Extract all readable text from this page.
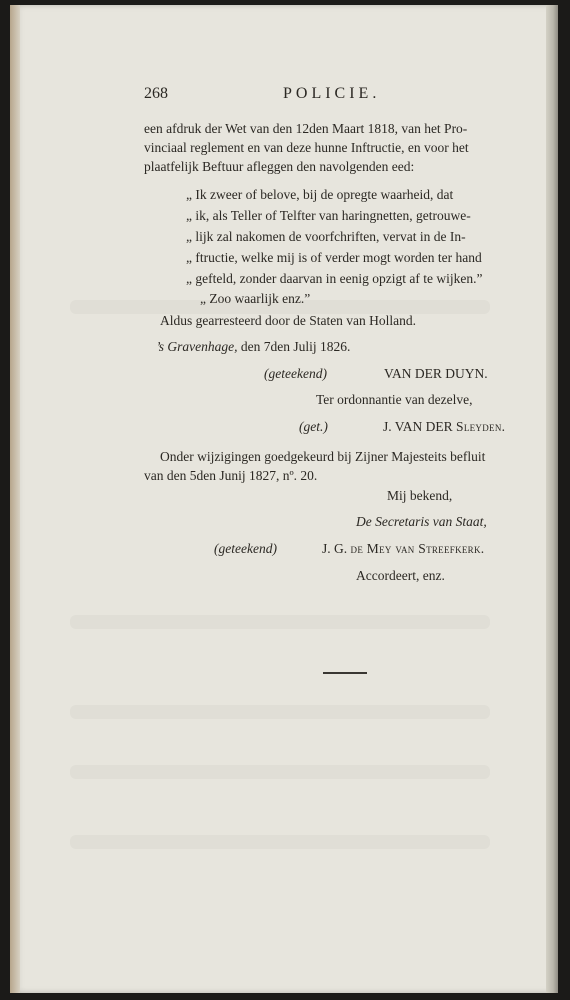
268	POLICIE.
een afdruk der Wet van den 12den Maart 1818, van het Pro-
vinciaal reglement en van deze hunne Inftructie, en voor het
plaatfelijk Beftuur afleggen den navolgenden eed:
„ Ik zweer of belove, bij de opregte waarheid, dat
„ ik, als Teller of Telfter van haringnetten, getrouwe-
„ lijk zal nakomen de voorfchriften, vervat in de In-
„ ftructie, welke mij is of verder mogt worden ter hand
„ gefteld, zonder daarvan in eenig opzigt af te wijken.”
„ Zoo waarlijk enz.”
Aldus gearresteerd door de Staten van Holland.
’s Gravenhage, den 7den Julij 1826.
(geteekend)	VAN DER DUYN.
Ter ordonnantie van dezelve,
(get.)	J. VAN DER Sleyden.
Onder wijzigingen goedgekeurd bij Zijner Majesteits befluit
van den 5den Junij 1827, nº. 20.
Mij bekend,
De Secretaris van Staat,
(geteekend)	J. G. de Mey van Streefkerk.
Accordeert, enz.
